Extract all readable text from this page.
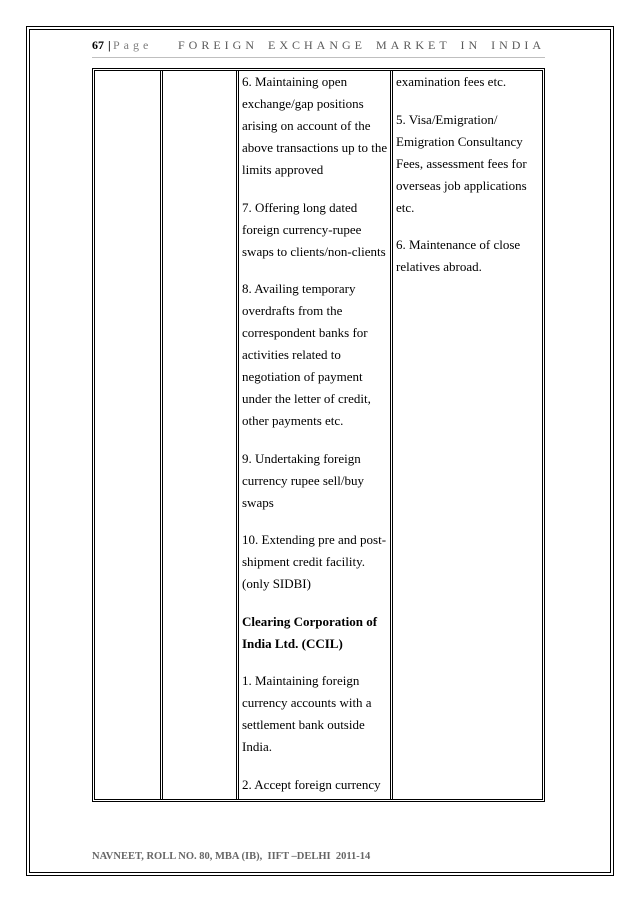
67 | Page FOREIGN EXCHANGE MARKET IN INDIA
6. Maintaining open
exchange/gap positions
arising on account of the
above transactions up to the
limits approved
7. Offering long dated
foreign currency-rupee
swaps to clients/non-clients
8. Availing temporary
overdrafts from the
correspondent banks for
activities related to
negotiation of payment
under the letter of credit,
other payments etc.
9. Undertaking foreign
currency rupee sell/buy
swaps
10. Extending pre and post-
shipment credit facility.
(only SIDBI)
Clearing Corporation of
India Ltd. (CCIL)
1. Maintaining foreign
currency accounts with a
settlement bank outside
India.
2. Accept foreign currency
examination fees etc.
5. Visa/Emigration/
Emigration Consultancy
Fees, assessment fees for
overseas job applications
etc.
6. Maintenance of close
relatives abroad.
NAVNEET, ROLL NO. 80, MBA (IB),  IIFT –DELHI  2011-14
